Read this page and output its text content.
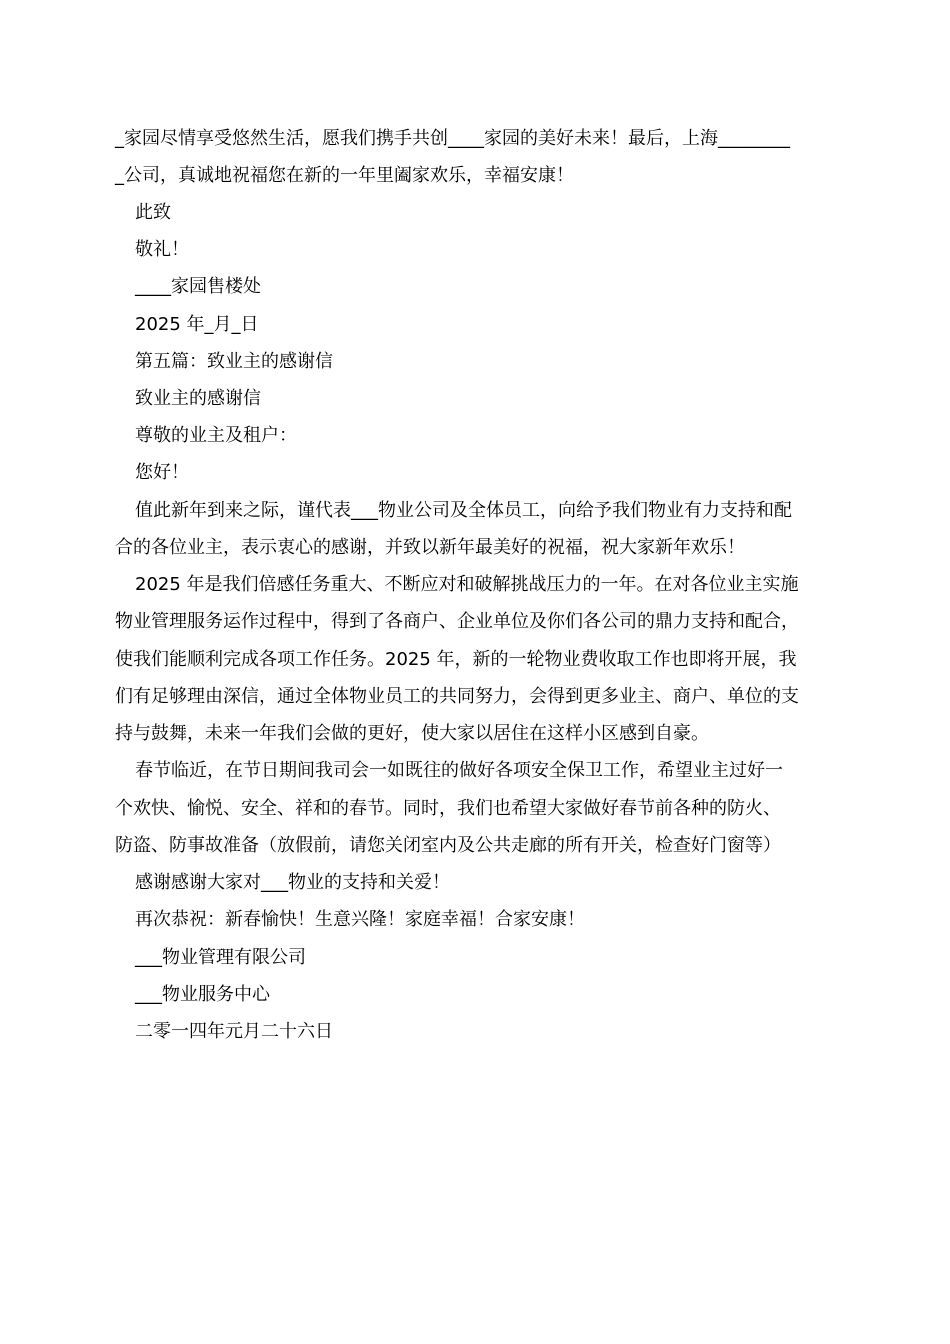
_家园尽情享受悠然生活，愿我们携手共创____家园的美好未来！最后，上海________
_公司，真诚地祝福您在新的一年里阖家欢乐，幸福安康！
此致
敬礼！
____家园售楼处
2025 年_月_日
第五篇：致业主的感谢信
致业主的感谢信
尊敬的业主及租户：
您好！
值此新年到来之际，谨代表___物业公司及全体员工，向给予我们物业有力支持和配
合的各位业主，表示衷心的感谢，并致以新年最美好的祝福，祝大家新年欢乐！
2025 年是我们倍感任务重大、不断应对和破解挑战压力的一年。在对各位业主实施
物业管理服务运作过程中，得到了各商户、企业单位及你们各公司的鼎力支持和配合，
使我们能顺利完成各项工作任务。2025 年，新的一轮物业费收取工作也即将开展，我
们有足够理由深信，通过全体物业员工的共同努力，会得到更多业主、商户、单位的支
持与鼓舞，未来一年我们会做的更好，使大家以居住在这样小区感到自豪。
春节临近，在节日期间我司会一如既往的做好各项安全保卫工作，希望业主过好一
个欢快、愉悦、安全、祥和的春节。同时，我们也希望大家做好春节前各种的防火、
防盗、防事故准备（放假前，请您关闭室内及公共走廊的所有开关，检查好门窗等）
感谢感谢大家对___物业的支持和关爱！
再次恭祝：新春愉快！生意兴隆！家庭幸福！合家安康！
___物业管理有限公司
___物业服务中心
二零一四年元月二十六日
